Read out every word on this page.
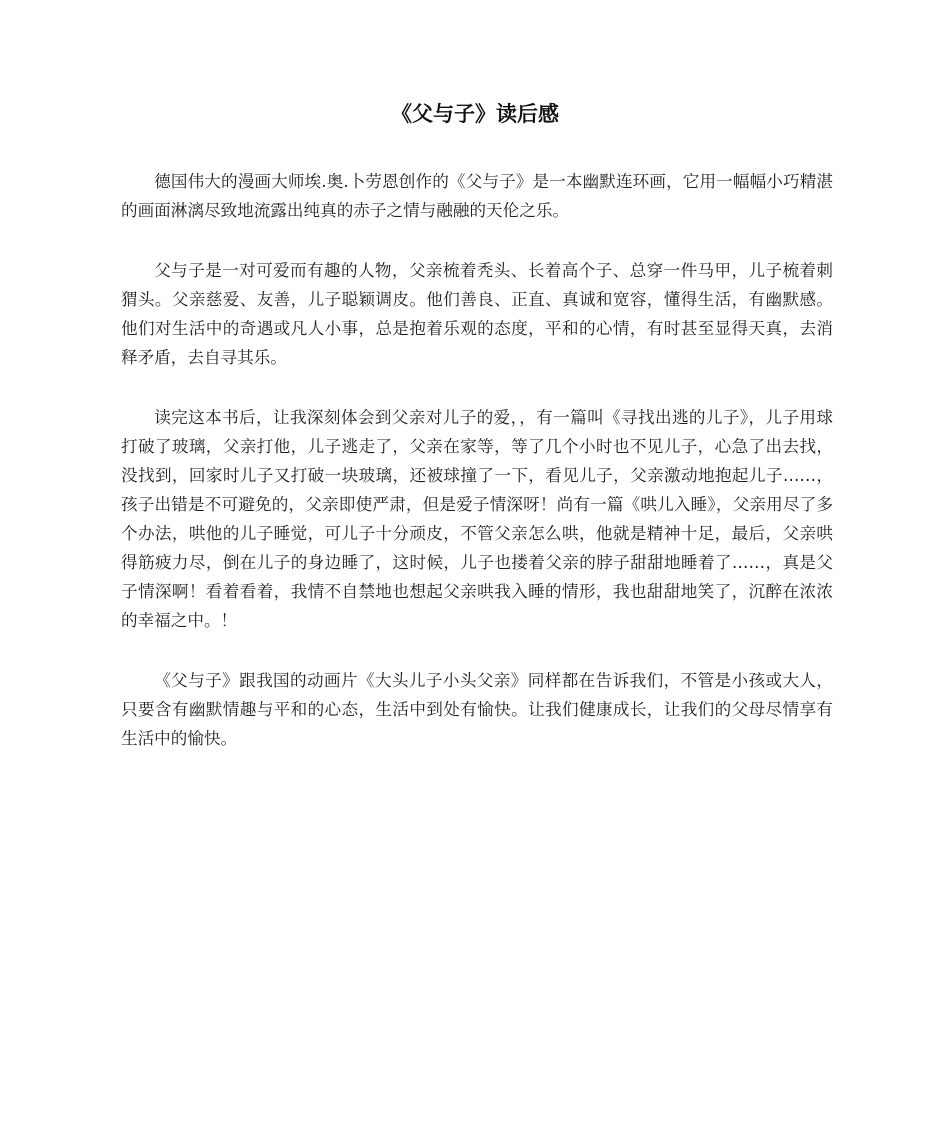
《父与子》读后感

德国伟大的漫画大师埃.奥.卜劳恩创作的《父与子》是一本幽默连环画，它用一幅幅小巧精湛的画面淋漓尽致地流露出纯真的赤子之情与融融的天伦之乐。

父与子是一对可爱而有趣的人物，父亲梳着秃头、长着高个子、总穿一件马甲，儿子梳着刺猬头。父亲慈爱、友善，儿子聪颖调皮。他们善良、正直、真诚和宽容，懂得生活，有幽默感。他们对生活中的奇遇或凡人小事，总是抱着乐观的态度，平和的心情，有时甚至显得天真，去消释矛盾，去自寻其乐。

读完这本书后，让我深刻体会到父亲对儿子的爱，，有一篇叫《寻找出逃的儿子》，儿子用球打破了玻璃，父亲打他，儿子逃走了，父亲在家等，等了几个小时也不见儿子，心急了出去找，没找到，回家时儿子又打破一块玻璃，还被球撞了一下，看见儿子，父亲激动地抱起儿子……，孩子出错是不可避免的，父亲即使严肃，但是爱子情深呀！尚有一篇《哄儿入睡》，父亲用尽了多个办法，哄他的儿子睡觉，可儿子十分顽皮，不管父亲怎么哄，他就是精神十足，最后，父亲哄得筋疲力尽，倒在儿子的身边睡了，这时候，儿子也搂着父亲的脖子甜甜地睡着了……，真是父子情深啊！看着看着，我情不自禁地也想起父亲哄我入睡的情形，我也甜甜地笑了，沉醉在浓浓的幸福之中。！

《父与子》跟我国的动画片《大头儿子小头父亲》同样都在告诉我们，不管是小孩或大人，只要含有幽默情趣与平和的心态，生活中到处有愉快。让我们健康成长，让我们的父母尽情享有生活中的愉快。
